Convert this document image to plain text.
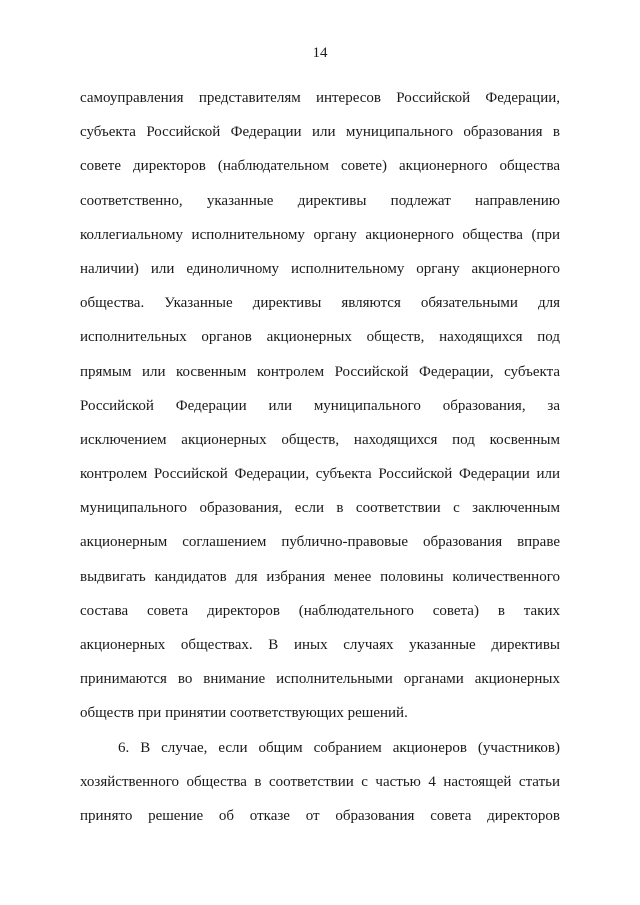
14
самоуправления представителям интересов Российской Федерации,
субъекта Российской Федерации или муниципального образования в
совете директоров (наблюдательном совете) акционерного общества
соответственно, указанные директивы подлежат направлению
коллегиальному исполнительному органу акционерного общества (при
наличии) или единоличному исполнительному органу акционерного
общества. Указанные директивы являются обязательными для
исполнительных органов акционерных обществ, находящихся под
прямым или косвенным контролем Российской Федерации, субъекта
Российской Федерации или муниципального образования, за
исключением акционерных обществ, находящихся под косвенным
контролем Российской Федерации, субъекта Российской Федерации или
муниципального образования, если в соответствии с заключенным
акционерным соглашением публично-правовые образования вправе
выдвигать кандидатов для избрания менее половины количественного
состава совета директоров (наблюдательного совета) в таких
акционерных обществах. В иных случаях указанные директивы
принимаются во внимание исполнительными органами акционерных
обществ при принятии соответствующих решений.
6. В случае, если общим собранием акционеров (участников)
хозяйственного общества в соответствии с частью 4 настоящей статьи
принято решение об отказе от образования совета директоров
